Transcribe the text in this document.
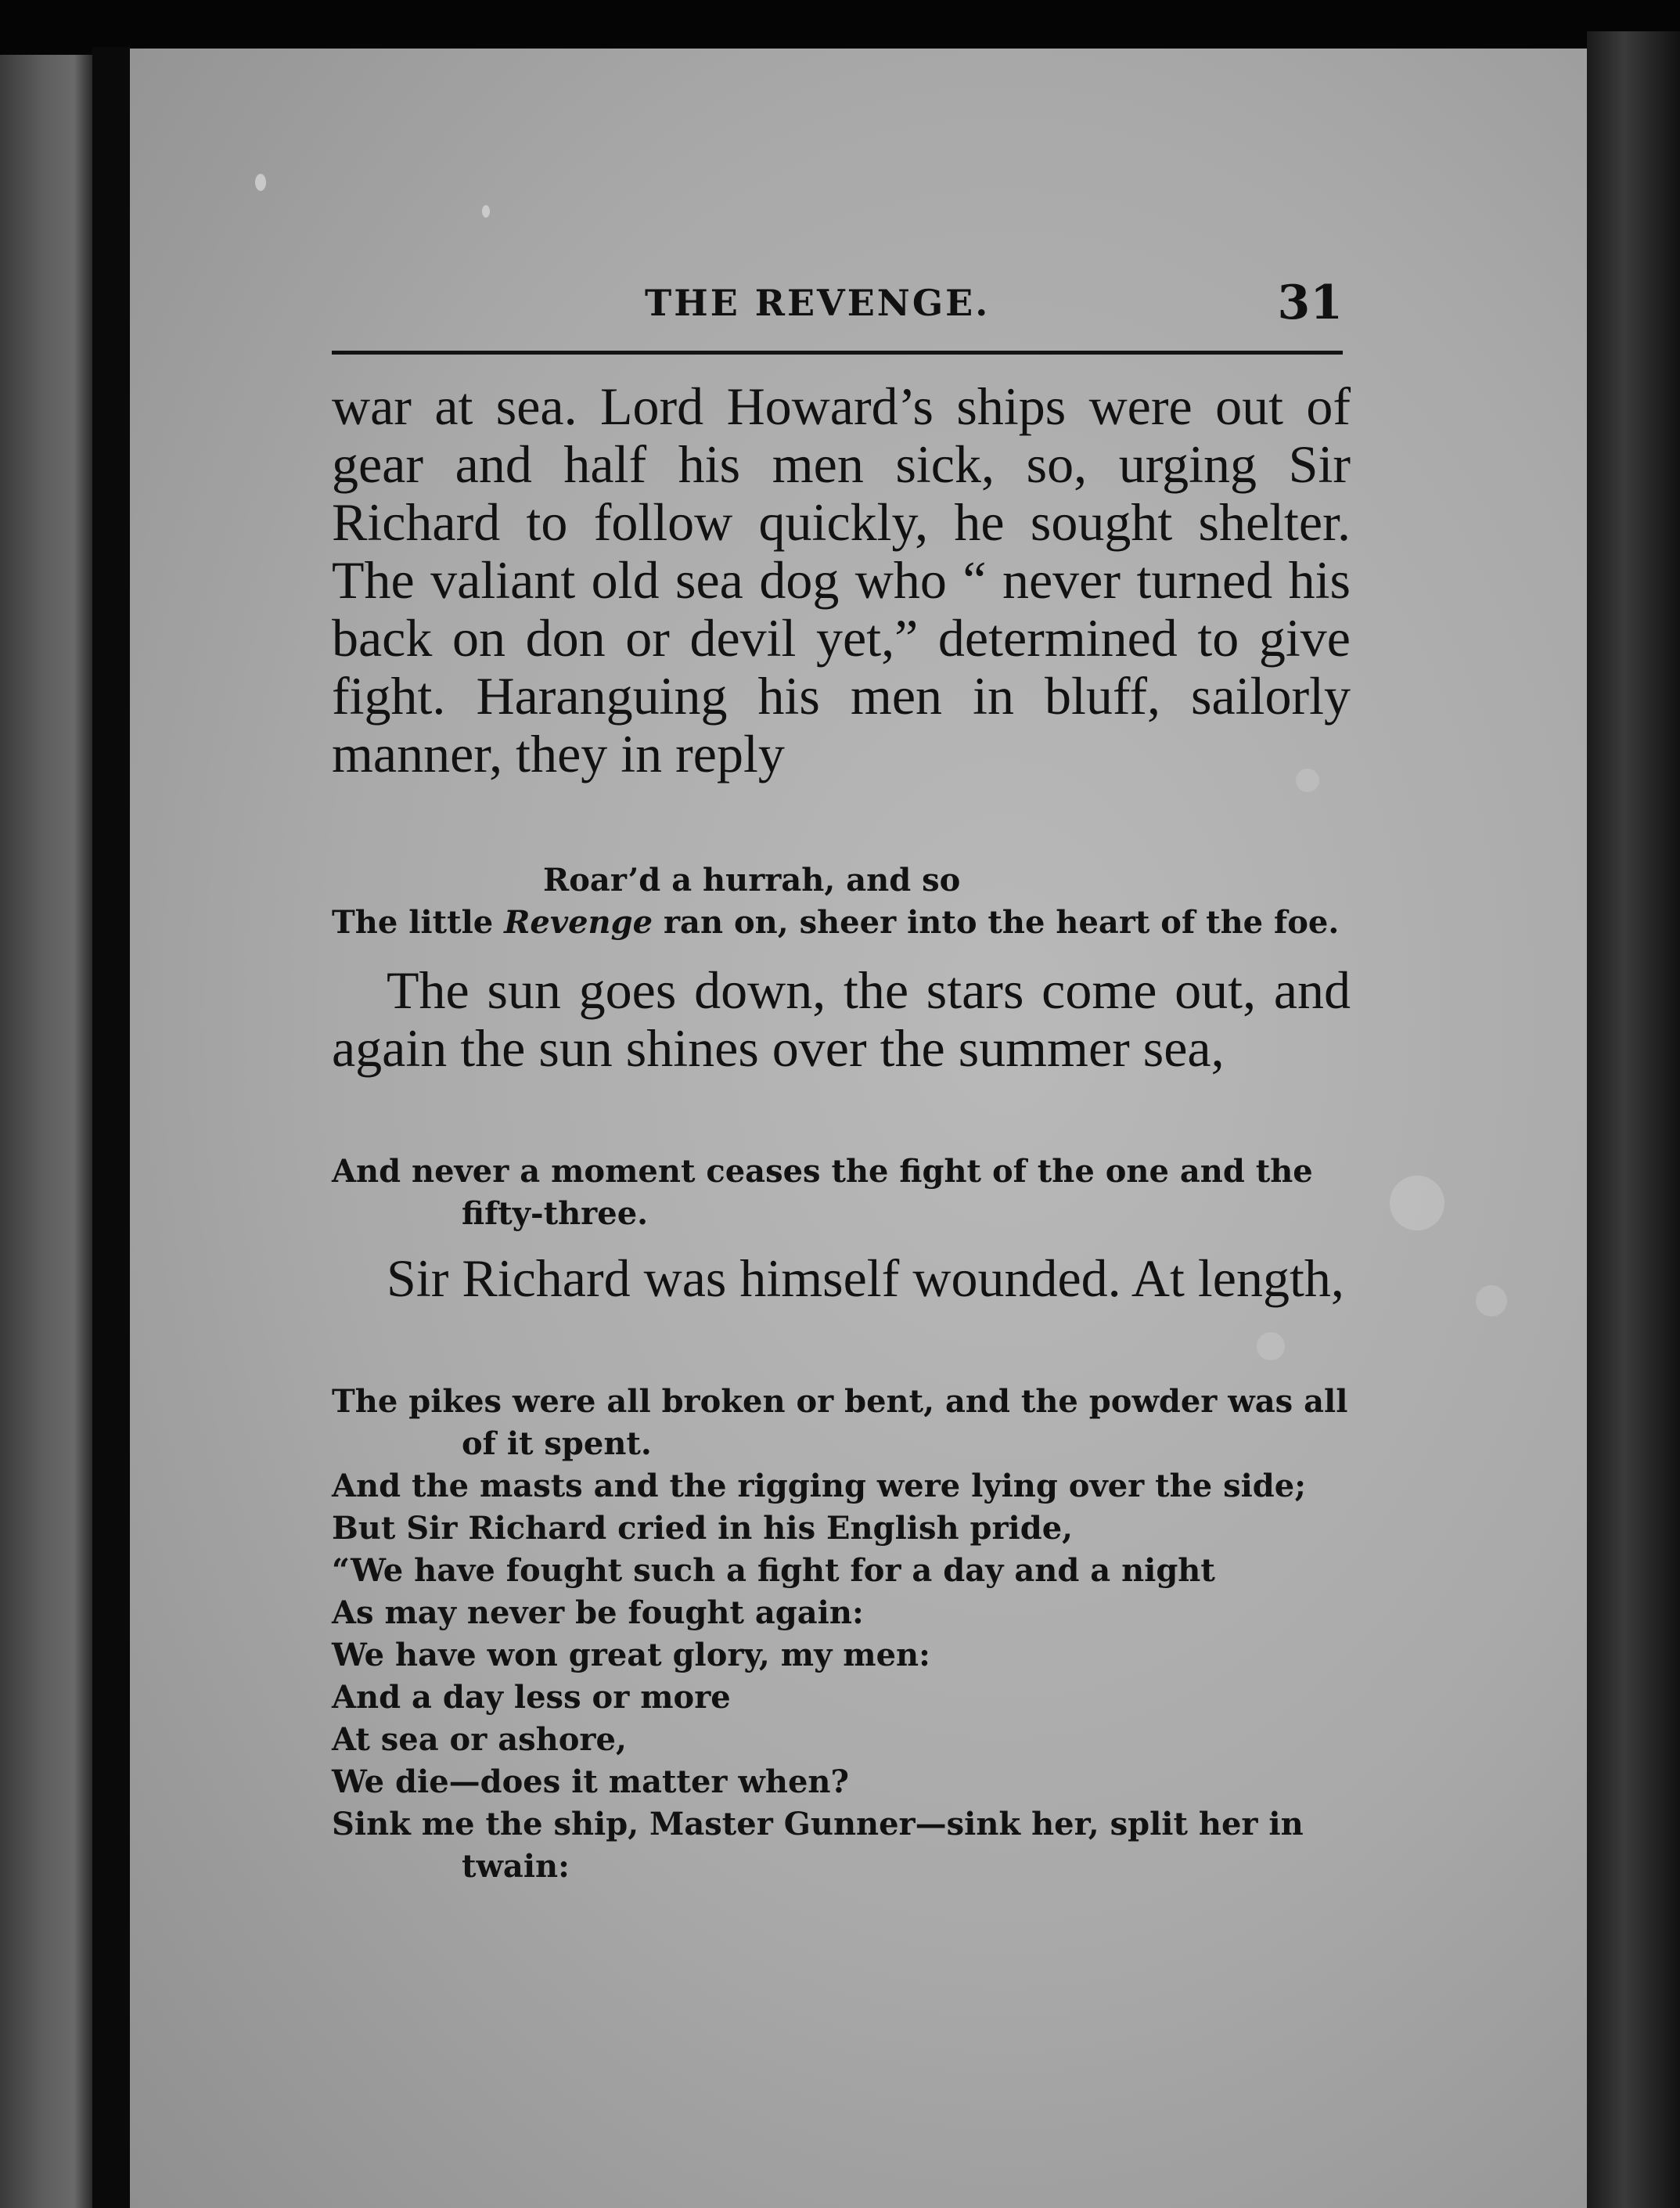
THE REVENGE.	31
war at sea. Lord Howard’s ships were out of gear and half his men sick, so, urging Sir Richard to follow quickly, he sought shelter. The valiant old sea dog who “ never turned his back on don or devil yet,” determined to give fight. Haranguing his men in bluff, sailorly manner, they in reply
Roar’d a hurrah, and so
The little Revenge ran on, sheer into the heart of the foe.
The sun goes down, the stars come out, and again the sun shines over the summer sea,
And never a moment ceases the fight of the one and the
fifty-three.
Sir Richard was himself wounded. At length,
The pikes were all broken or bent, and the powder was all
of it spent.
And the masts and the rigging were lying over the side;
But Sir Richard cried in his English pride,
“We have fought such a fight for a day and a night
As may never be fought again:
We have won great glory, my men:
And a day less or more
At sea or ashore,
We die—does it matter when?
Sink me the ship, Master Gunner—sink her, split her in
twain:
